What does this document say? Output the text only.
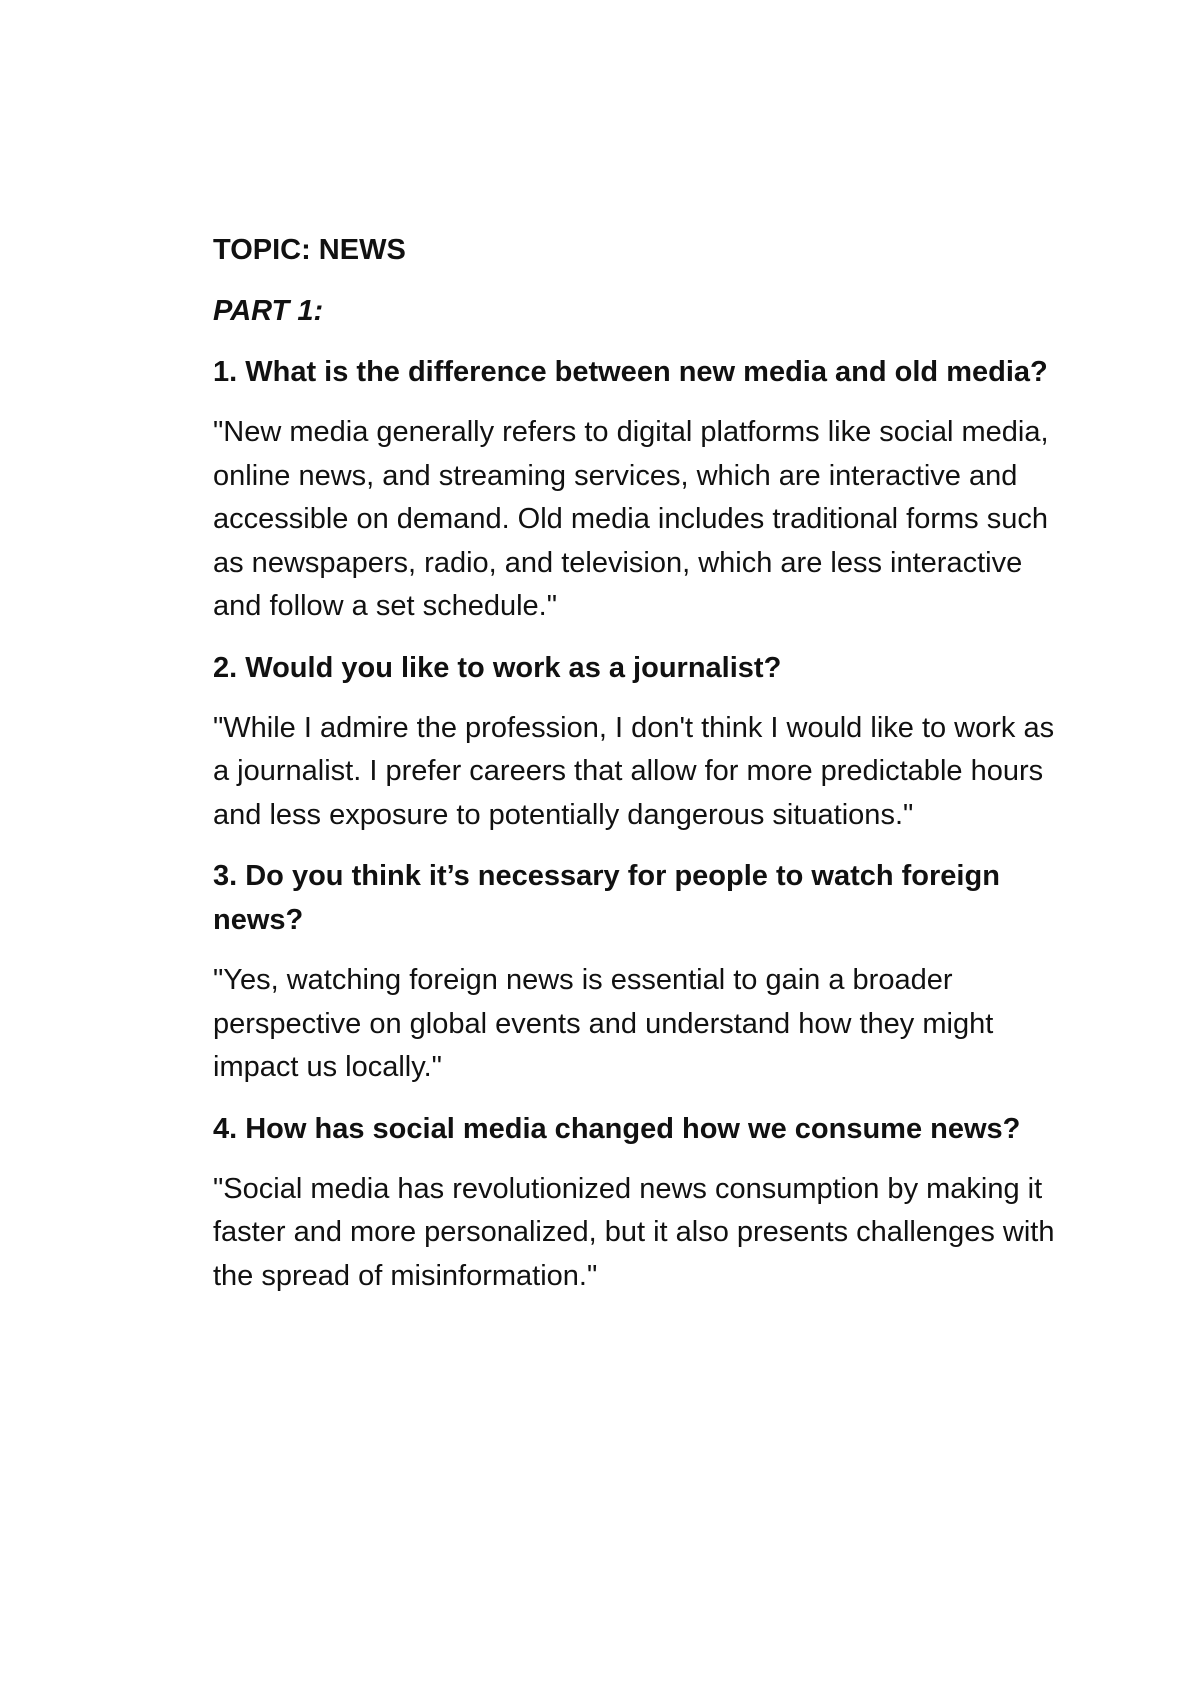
TOPIC: NEWS
PART 1:
1. What is the difference between new media and old media?
"New media generally refers to digital platforms like social media, online news, and streaming services, which are interactive and accessible on demand. Old media includes traditional forms such as newspapers, radio, and television, which are less interactive and follow a set schedule."
2. Would you like to work as a journalist?
"While I admire the profession, I don't think I would like to work as a journalist. I prefer careers that allow for more predictable hours and less exposure to potentially dangerous situations."
3. Do you think it’s necessary for people to watch foreign news?
"Yes, watching foreign news is essential to gain a broader perspective on global events and understand how they might impact us locally."
4. How has social media changed how we consume news?
"Social media has revolutionized news consumption by making it faster and more personalized, but it also presents challenges with the spread of misinformation."
